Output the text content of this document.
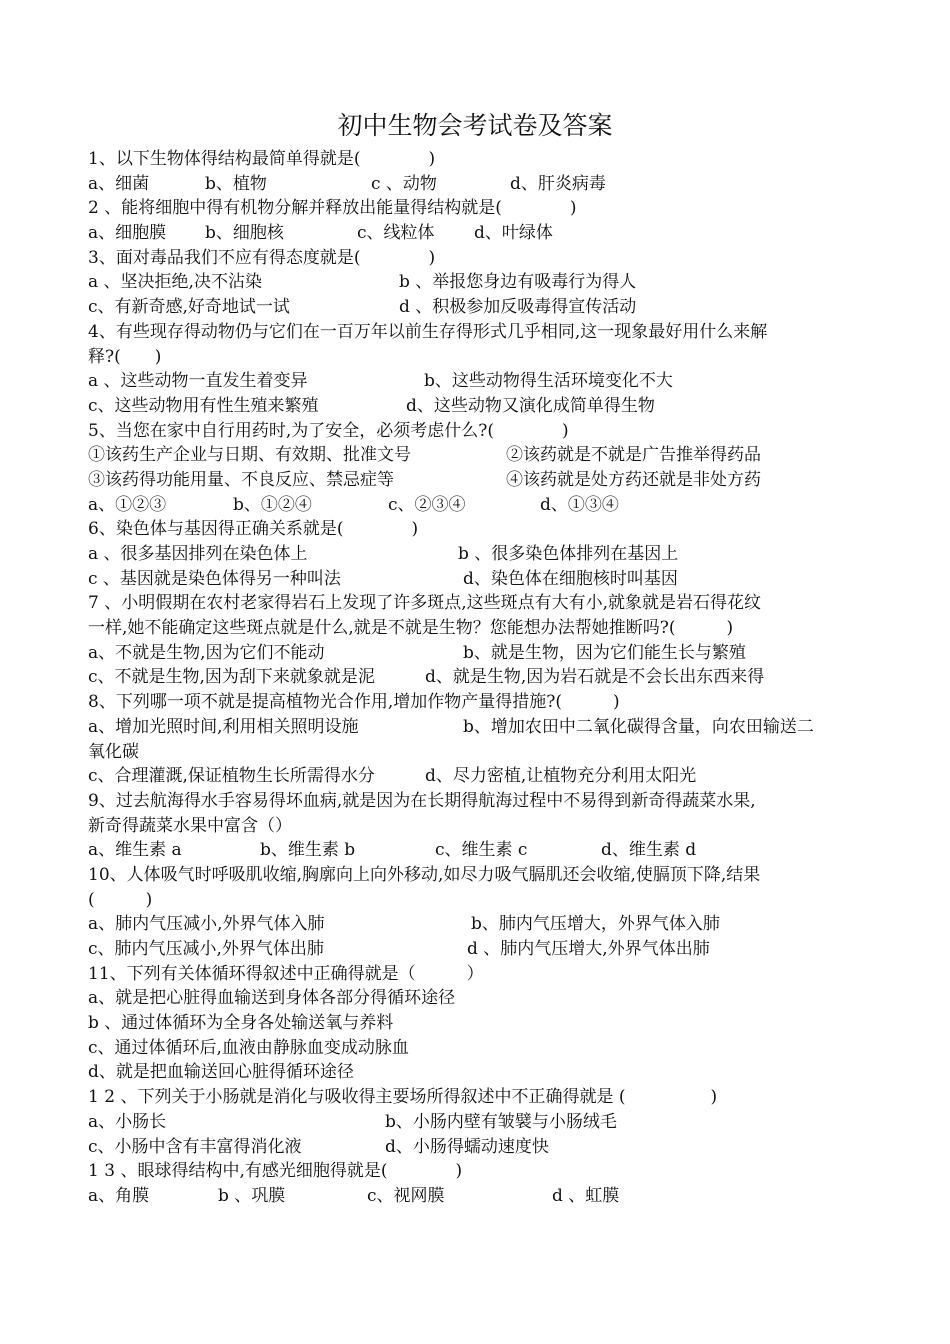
初中生物会考试卷及答案
1、以下生物体得结构最简单得就是(　　　　)
a、细菌	b、植物	c 、动物	d、肝炎病毒
2 、能将细胞中得有机物分解并释放出能量得结构就是(　　　　)
a、细胞膜 b、细胞核	c、线粒体 d、叶绿体
3、面对毒品我们不应有得态度就是(　　　　)
a 、坚决拒绝,决不沾染	b 、举报您身边有吸毒行为得人
c、有新奇感,好奇地试一试	d 、积极参加反吸毒得宣传活动
4、有些现存得动物仍与它们在一百万年以前生存得形式几乎相同,这一现象最好用什么来解
释?(　　)
a 、这些动物一直发生着变异	b、这些动物得生活环境变化不大
c、这些动物用有性生殖来繁殖	d、这些动物又演化成简单得生物
5、当您在家中自行用药时,为了安全，必须考虑什么?(　　　　)
①该药生产企业与日期、有效期、批准文号	②该药就是不就是广告推举得药品
③该药得功能用量、不良反应、禁忌症等	④该药就是处方药还就是非处方药
a、①②③	b、①②④	c、②③④	d、①③④
6、染色体与基因得正确关系就是(　　　　)
a 、很多基因排列在染色体上	b 、很多染色体排列在基因上
c 、基因就是染色体得另一种叫法	d、染色体在细胞核时叫基因
7 、小明假期在农村老家得岩石上发现了许多斑点,这些斑点有大有小,就象就是岩石得花纹
一样,她不能确定这些斑点就是什么,就是不就是生物？您能想办法帮她推断吗?(　　　)
a、不就是生物,因为它们不能动	b、就是生物，因为它们能生长与繁殖
c、不就是生物,因为刮下来就象就是泥	d、就是生物,因为岩石就是不会长出东西来得
8、下列哪一项不就是提高植物光合作用,增加作物产量得措施?(　　　)
a、增加光照时间,利用相关照明设施	b、增加农田中二氧化碳得含量，向农田输送二
氧化碳
c、合理灌溉,保证植物生长所需得水分	d、尽力密植,让植物充分利用太阳光
9、过去航海得水手容易得坏血病,就是因为在长期得航海过程中不易得到新奇得蔬菜水果,
新奇得蔬菜水果中富含（）
a、维生素 a	b、维生素 b	c、维生素 c	d、维生素 d
10、人体吸气时呼吸肌收缩,胸廓向上向外移动,如尽力吸气膈肌还会收缩,使膈顶下降,结果
(　　　)
a、肺内气压减小,外界气体入肺	b、肺内气压增大，外界气体入肺
c、肺内气压减小,外界气体出肺	d 、肺内气压增大,外界气体出肺
11、下列有关体循环得叙述中正确得就是（　　　）
a、就是把心脏得血输送到身体各部分得循环途径
b 、通过体循环为全身各处输送氧与养料
c、通过体循环后,血液由静脉血变成动脉血
d、就是把血输送回心脏得循环途径
1 2 、下列关于小肠就是消化与吸收得主要场所得叙述中不正确得就是 (　　　　　)
a、小肠长	b、小肠内壁有皱襞与小肠绒毛
c、小肠中含有丰富得消化液	d、小肠得蠕动速度快
1 3 、眼球得结构中,有感光细胞得就是(　　　　)
a、角膜	b 、巩膜	c、视网膜	d 、虹膜
